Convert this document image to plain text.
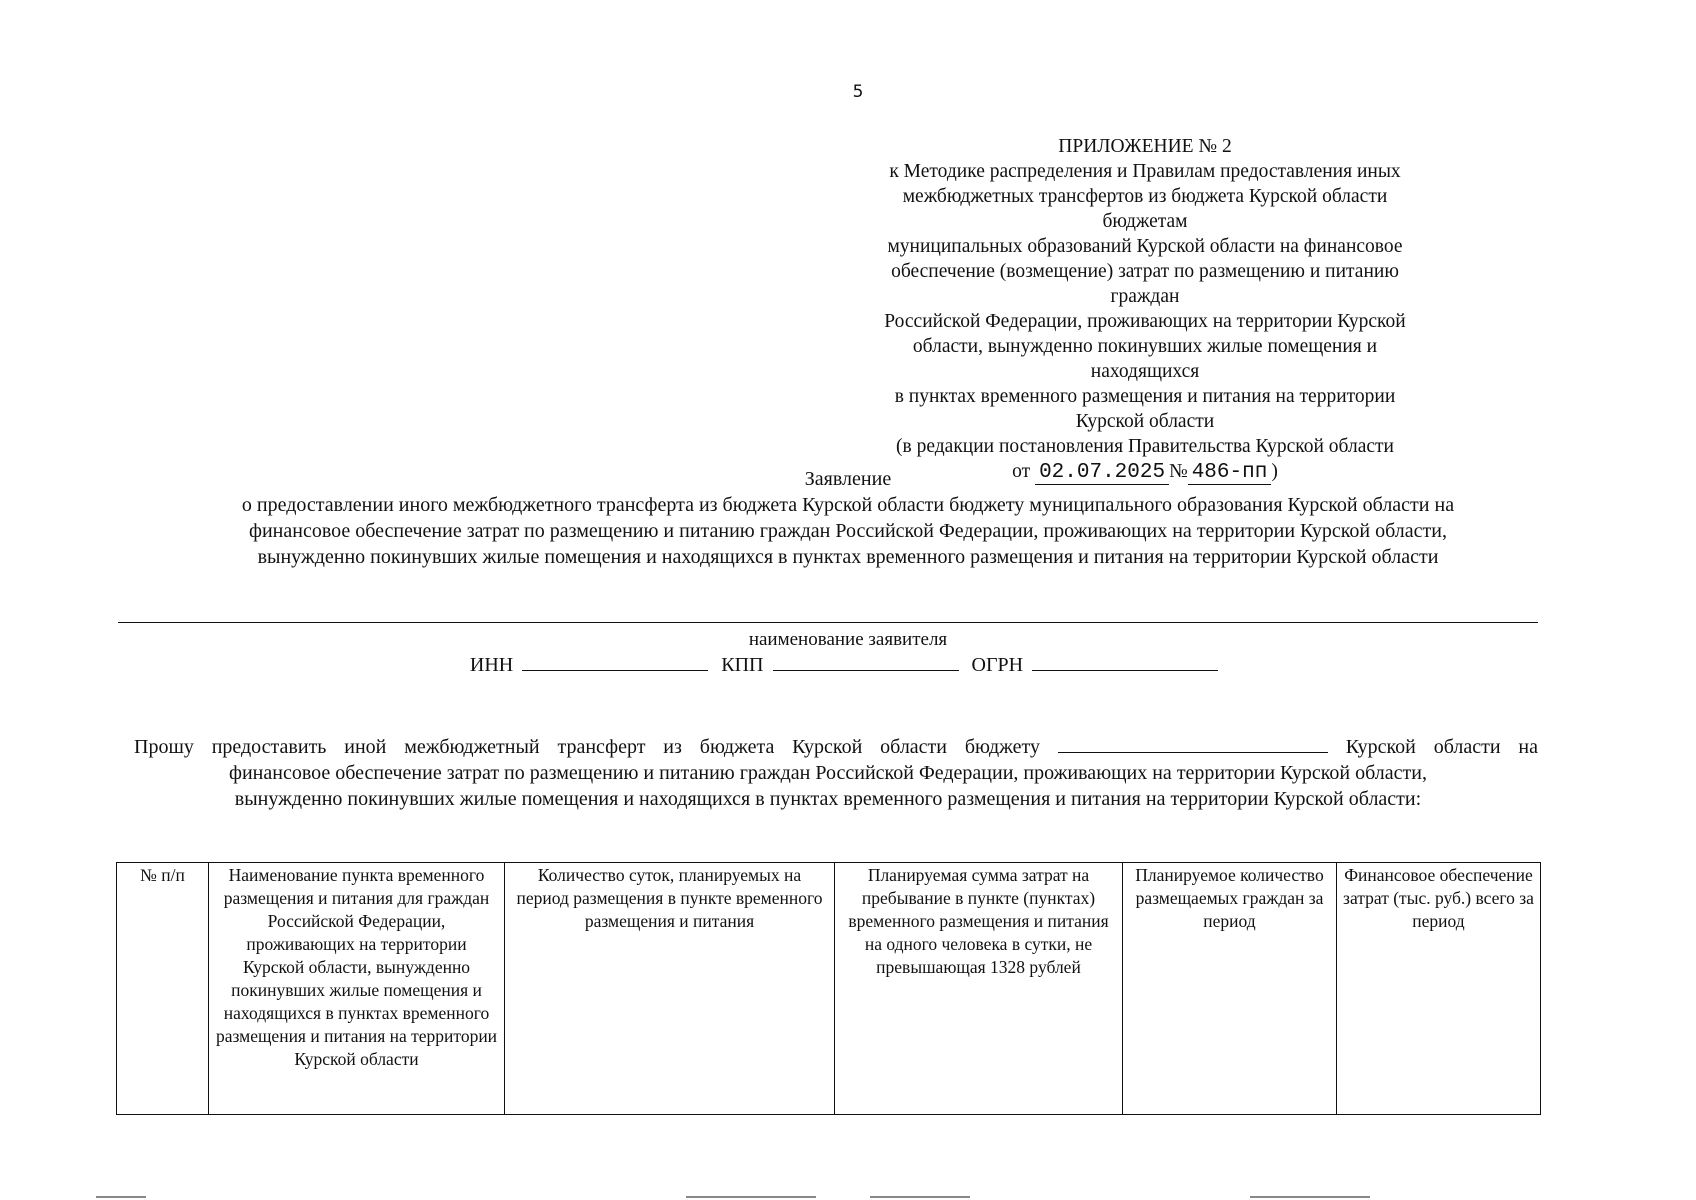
5
ПРИЛОЖЕНИЕ № 2
к Методике распределения и Правилам предоставления иных
межбюджетных трансфертов из бюджета Курской области бюджетам
муниципальных образований Курской области на финансовое
обеспечение (возмещение) затрат по размещению и питанию граждан
Российской Федерации, проживающих на территории Курской
области, вынужденно покинувших жилые помещения и находящихся
в пунктах временного размещения и питания на территории
Курской области
(в редакции постановления Правительства Курской области
от 02.07.2025 № 486-пп )
Заявление
о предоставлении иного межбюджетного трансферта из бюджета Курской области бюджету муниципального образования Курской области на
финансовое обеспечение затрат по размещению и питанию граждан Российской Федерации, проживающих на территории Курской области,
вынужденно покинувших жилые помещения и находящихся в пунктах временного размещения и питания на территории Курской области
наименование заявителя
ИНН	КПП	ОГРН
Прошу предоставить иной межбюджетный трансферт из бюджета Курской области бюджету	Курской области на
финансовое обеспечение затрат по размещению и питанию граждан Российской Федерации, проживающих на территории Курской области,
вынужденно покинувших жилые помещения и находящихся в пунктах временного размещения и питания на территории Курской области:
№ п/п	Наименование пункта временного размещения и питания для граждан Российской Федерации, проживающих на территории Курской области, вынужденно покинувших жилые помещения и находящихся в пунктах временного размещения и питания на территории Курской области	Количество суток, планируемых на период размещения в пункте временного размещения и питания	Планируемая сумма затрат на пребывание в пункте (пунктах) временного размещения и питания на одного человека в сутки, не превышающая 1328 рублей	Планируемое количество размещаемых граждан за период	Финансовое обеспечение затрат (тыс. руб.) всего за период
